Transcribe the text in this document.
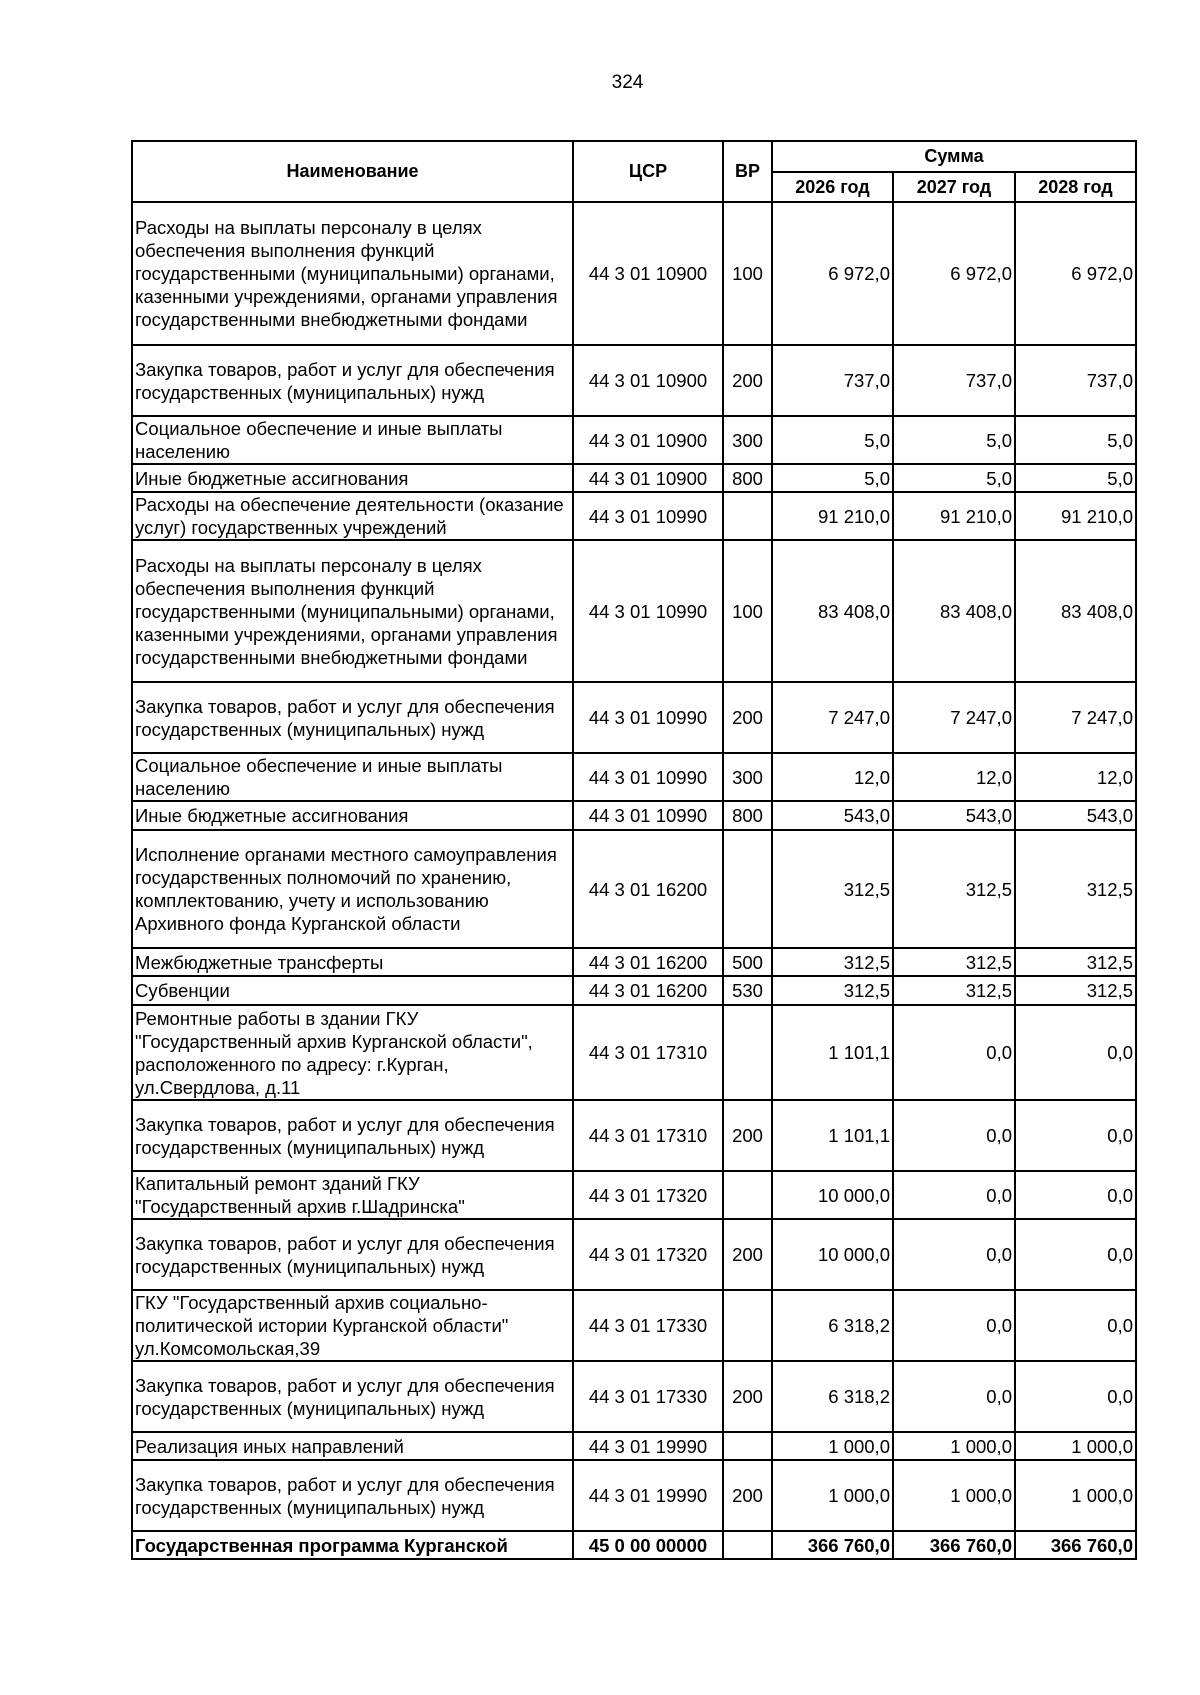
324
Наименование	ЦСР	ВР	Сумма		
			2026 год	2027 год	2028 год
Расходы на выплаты персоналу в целях обеспечения выполнения функций государственными (муниципальными) органами, казенными учреждениями, органами управления государственными внебюджетными фондами	44 3 01 10900	100	6 972,0	6 972,0	6 972,0
Закупка товаров, работ и услуг для обеспечения государственных (муниципальных) нужд	44 3 01 10900	200	737,0	737,0	737,0
Социальное обеспечение и иные выплаты населению	44 3 01 10900	300	5,0	5,0	5,0
Иные бюджетные ассигнования	44 3 01 10900	800	5,0	5,0	5,0
Расходы на обеспечение деятельности (оказание услуг) государственных учреждений	44 3 01 10990		91 210,0	91 210,0	91 210,0
Расходы на выплаты персоналу в целях обеспечения выполнения функций государственными (муниципальными) органами, казенными учреждениями, органами управления государственными внебюджетными фондами	44 3 01 10990	100	83 408,0	83 408,0	83 408,0
Закупка товаров, работ и услуг для обеспечения государственных (муниципальных) нужд	44 3 01 10990	200	7 247,0	7 247,0	7 247,0
Социальное обеспечение и иные выплаты населению	44 3 01 10990	300	12,0	12,0	12,0
Иные бюджетные ассигнования	44 3 01 10990	800	543,0	543,0	543,0
Исполнение органами местного самоуправления государственных полномочий по хранению, комплектованию, учету и использованию Архивного фонда Курганской области	44 3 01 16200		312,5	312,5	312,5
Межбюджетные трансферты	44 3 01 16200	500	312,5	312,5	312,5
Субвенции	44 3 01 16200	530	312,5	312,5	312,5
Ремонтные работы в здании ГКУ "Государственный архив Курганской области", расположенного по адресу: г.Курган, ул.Свердлова, д.11	44 3 01 17310		1 101,1	0,0	0,0
Закупка товаров, работ и услуг для обеспечения государственных (муниципальных) нужд	44 3 01 17310	200	1 101,1	0,0	0,0
Капитальный ремонт зданий ГКУ "Государственный архив г.Шадринска"	44 3 01 17320		10 000,0	0,0	0,0
Закупка товаров, работ и услуг для обеспечения государственных (муниципальных) нужд	44 3 01 17320	200	10 000,0	0,0	0,0
ГКУ "Государственный архив социально-политической истории Курганской области" ул.Комсомольская,39	44 3 01 17330		6 318,2	0,0	0,0
Закупка товаров, работ и услуг для обеспечения государственных (муниципальных) нужд	44 3 01 17330	200	6 318,2	0,0	0,0
Реализация иных направлений	44 3 01 19990		1 000,0	1 000,0	1 000,0
Закупка товаров, работ и услуг для обеспечения государственных (муниципальных) нужд	44 3 01 19990	200	1 000,0	1 000,0	1 000,0
Государственная программа Курганской	45 0 00 00000		366 760,0	366 760,0	366 760,0
